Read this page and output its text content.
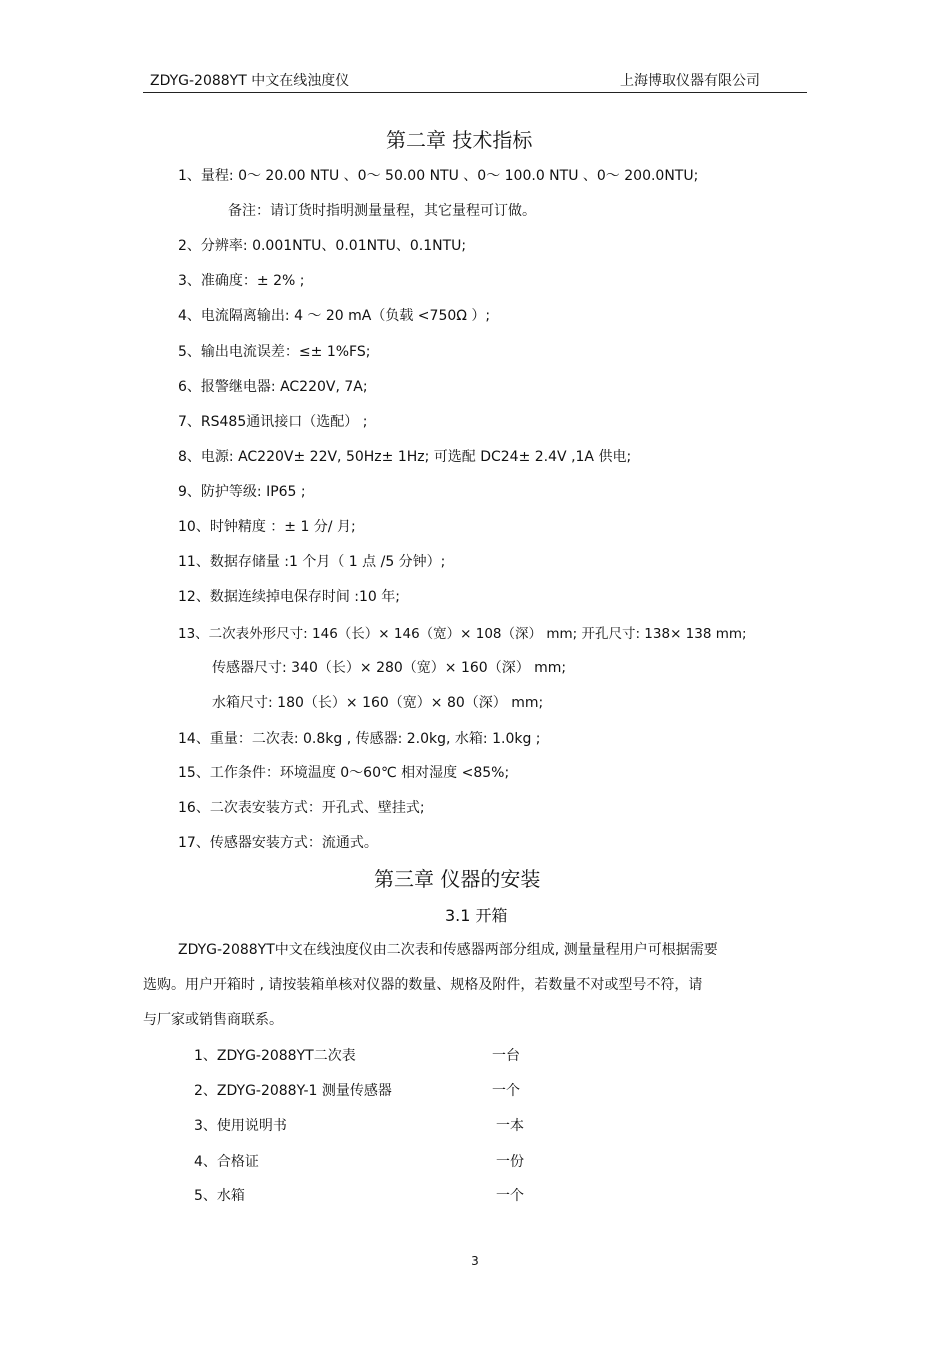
ZDYG-2088YT 中文在线浊度仪	上海博取仪器有限公司
第二章 技术指标
1、量程: 0～ 20.00 NTU 、0～ 50.00 NTU 、0～ 100.0 NTU 、0～ 200.0NTU;
备注：请订货时指明测量量程，其它量程可订做。
2、分辨率: 0.001NTU、0.01NTU、0.1NTU;
3、准确度：± 2% ;
4、电流隔离输出: 4 ～ 20 mA（负载 <750Ω ）;
5、输出电流误差：≤± 1%FS;
6、报警继电器: AC220V, 7A;
7、RS485通讯接口（选配） ;
8、电源: AC220V± 22V, 50Hz± 1Hz; 可选配 DC24± 2.4V ,1A 供电;
9、防护等级: IP65 ;
10、时钟精度 ：± 1 分/ 月;
11、数据存储量 :1 个月（ 1 点 /5 分钟）;
12、数据连续掉电保存时间 :10 年;
13、二次表外形尺寸: 146（长）× 146（宽）× 108（深） mm; 开孔尺寸: 138× 138 mm;
传感器尺寸: 340（长）× 280（宽）× 160（深） mm;
水箱尺寸: 180（长）× 160（宽）× 80（深） mm;
14、重量：二次表: 0.8kg , 传感器: 2.0kg, 水箱: 1.0kg ;
15、工作条件：环境温度 0～60℃ 相对湿度 <85%;
16、二次表安装方式：开孔式、壁挂式;
17、传感器安装方式：流通式。
第三章 仪器的安装
3.1 开箱
ZDYG-2088YT中文在线浊度仪由二次表和传感器两部分组成, 测量量程用户可根据需要
选购。用户开箱时 , 请按装箱单核对仪器的数量、规格及附件，若数量不对或型号不符，请
与厂家或销售商联系。
1、ZDYG-2088YT二次表	一台
2、ZDYG-2088Y-1 测量传感器	一个
3、使用说明书	一本
4、合格证	一份
5、水箱	一个
3
